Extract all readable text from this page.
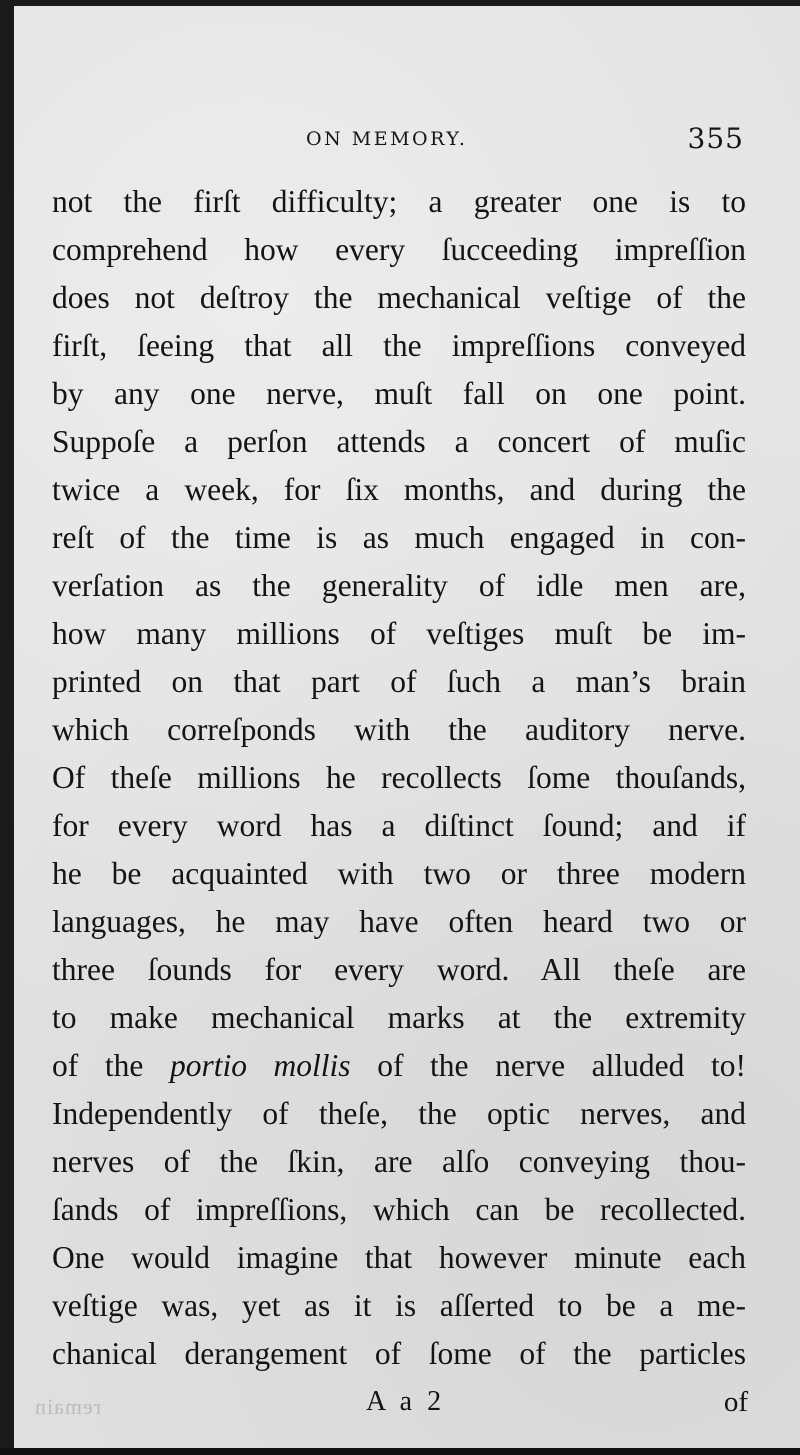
ON MEMORY.	355
not the firſt difficulty; a greater one is to
comprehend how every ſucceeding impreſſion
does not deſtroy the mechanical veſtige of the
firſt, ſeeing that all the impreſſions conveyed
by any one nerve, muſt fall on one point.
Suppoſe a perſon attends a concert of muſic
twice a week, for ſix months, and during the
reſt of the time is as much engaged in con-
verſation as the generality of idle men are,
how many millions of veſtiges muſt be im-
printed on that part of ſuch a man’s brain
which correſponds with the auditory nerve.
Of theſe millions he recollects ſome thouſands,
for every word has a diſtinct ſound; and if
he be acquainted with two or three modern
languages, he may have often heard two or
three ſounds for every word. All theſe are
to make mechanical marks at the extremity
of the portio mollis of the nerve alluded to!
Independently of theſe, the optic nerves, and
nerves of the ſkin, are alſo conveying thou-
ſands of impreſſions, which can be recollected.
One would imagine that however minute each
veſtige was, yet as it is aſſerted to be a me-
chanical derangement of ſome of the particles
A a 2	of
remain
